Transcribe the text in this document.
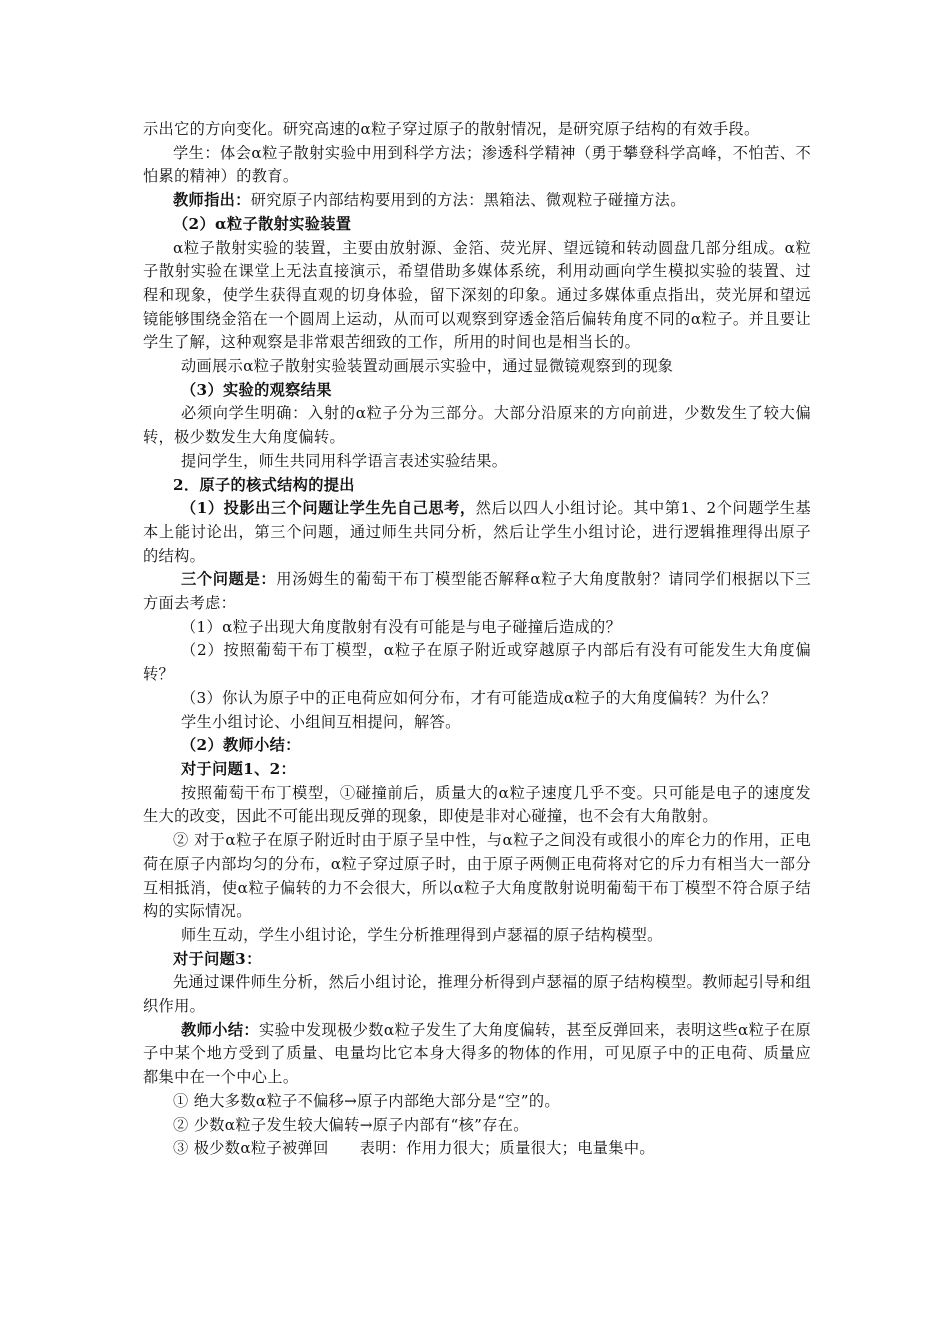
示出它的方向变化。研究高速的α粒子穿过原子的散射情况，是研究原子结构的有效手段。

学生：体会α粒子散射实验中用到科学方法；渗透科学精神（勇于攀登科学高峰，不怕苦、不怕累的精神）的教育。

教师指出：研究原子内部结构要用到的方法：黑箱法、微观粒子碰撞方法。

（2）α粒子散射实验装置

α粒子散射实验的装置，主要由放射源、金箔、荧光屏、望远镜和转动圆盘几部分组成。α粒子散射实验在课堂上无法直接演示，希望借助多媒体系统，利用动画向学生模拟实验的装置、过程和现象，使学生获得直观的切身体验，留下深刻的印象。通过多媒体重点指出，荧光屏和望远镜能够围绕金箔在一个圆周上运动，从而可以观察到穿透金箔后偏转角度不同的α粒子。并且要让学生了解，这种观察是非常艰苦细致的工作，所用的时间也是相当长的。

动画展示α粒子散射实验装置动画展示实验中，通过显微镜观察到的现象

（3）实验的观察结果

必须向学生明确：入射的α粒子分为三部分。大部分沿原来的方向前进，少数发生了较大偏转，极少数发生大角度偏转。

提问学生，师生共同用科学语言表述实验结果。

2．原子的核式结构的提出

（1）投影出三个问题让学生先自己思考，然后以四人小组讨论。其中第1、2个问题学生基本上能讨论出，第三个问题，通过师生共同分析，然后让学生小组讨论，进行逻辑推理得出原子的结构。

三个问题是：用汤姆生的葡萄干布丁模型能否解释α粒子大角度散射？请同学们根据以下三方面去考虑：

（1）α粒子出现大角度散射有没有可能是与电子碰撞后造成的？

（2）按照葡萄干布丁模型，α粒子在原子附近或穿越原子内部后有没有可能发生大角度偏转？

（3）你认为原子中的正电荷应如何分布，才有可能造成α粒子的大角度偏转？为什么？

学生小组讨论、小组间互相提问，解答。

（2）教师小结：

对于问题1、2：

按照葡萄干布丁模型，①碰撞前后，质量大的α粒子速度几乎不变。只可能是电子的速度发生大的改变，因此不可能出现反弹的现象，即使是非对心碰撞，也不会有大角散射。

② 对于α粒子在原子附近时由于原子呈中性，与α粒子之间没有或很小的库仑力的作用，正电荷在原子内部均匀的分布，α粒子穿过原子时，由于原子两侧正电荷将对它的斥力有相当大一部分互相抵消，使α粒子偏转的力不会很大，所以α粒子大角度散射说明葡萄干布丁模型不符合原子结构的实际情况。

师生互动，学生小组讨论，学生分析推理得到卢瑟福的原子结构模型。

对于问题3：

先通过课件师生分析，然后小组讨论，推理分析得到卢瑟福的原子结构模型。教师起引导和组织作用。

教师小结：实验中发现极少数α粒子发生了大角度偏转，甚至反弹回来，表明这些α粒子在原子中某个地方受到了质量、电量均比它本身大得多的物体的作用，可见原子中的正电荷、质量应都集中在一个中心上。

① 绝大多数α粒子不偏移→原子内部绝大部分是“空”的。

② 少数α粒子发生较大偏转→原子内部有“核”存在。

③ 极少数α粒子被弹回　　表明：作用力很大；质量很大；电量集中。
